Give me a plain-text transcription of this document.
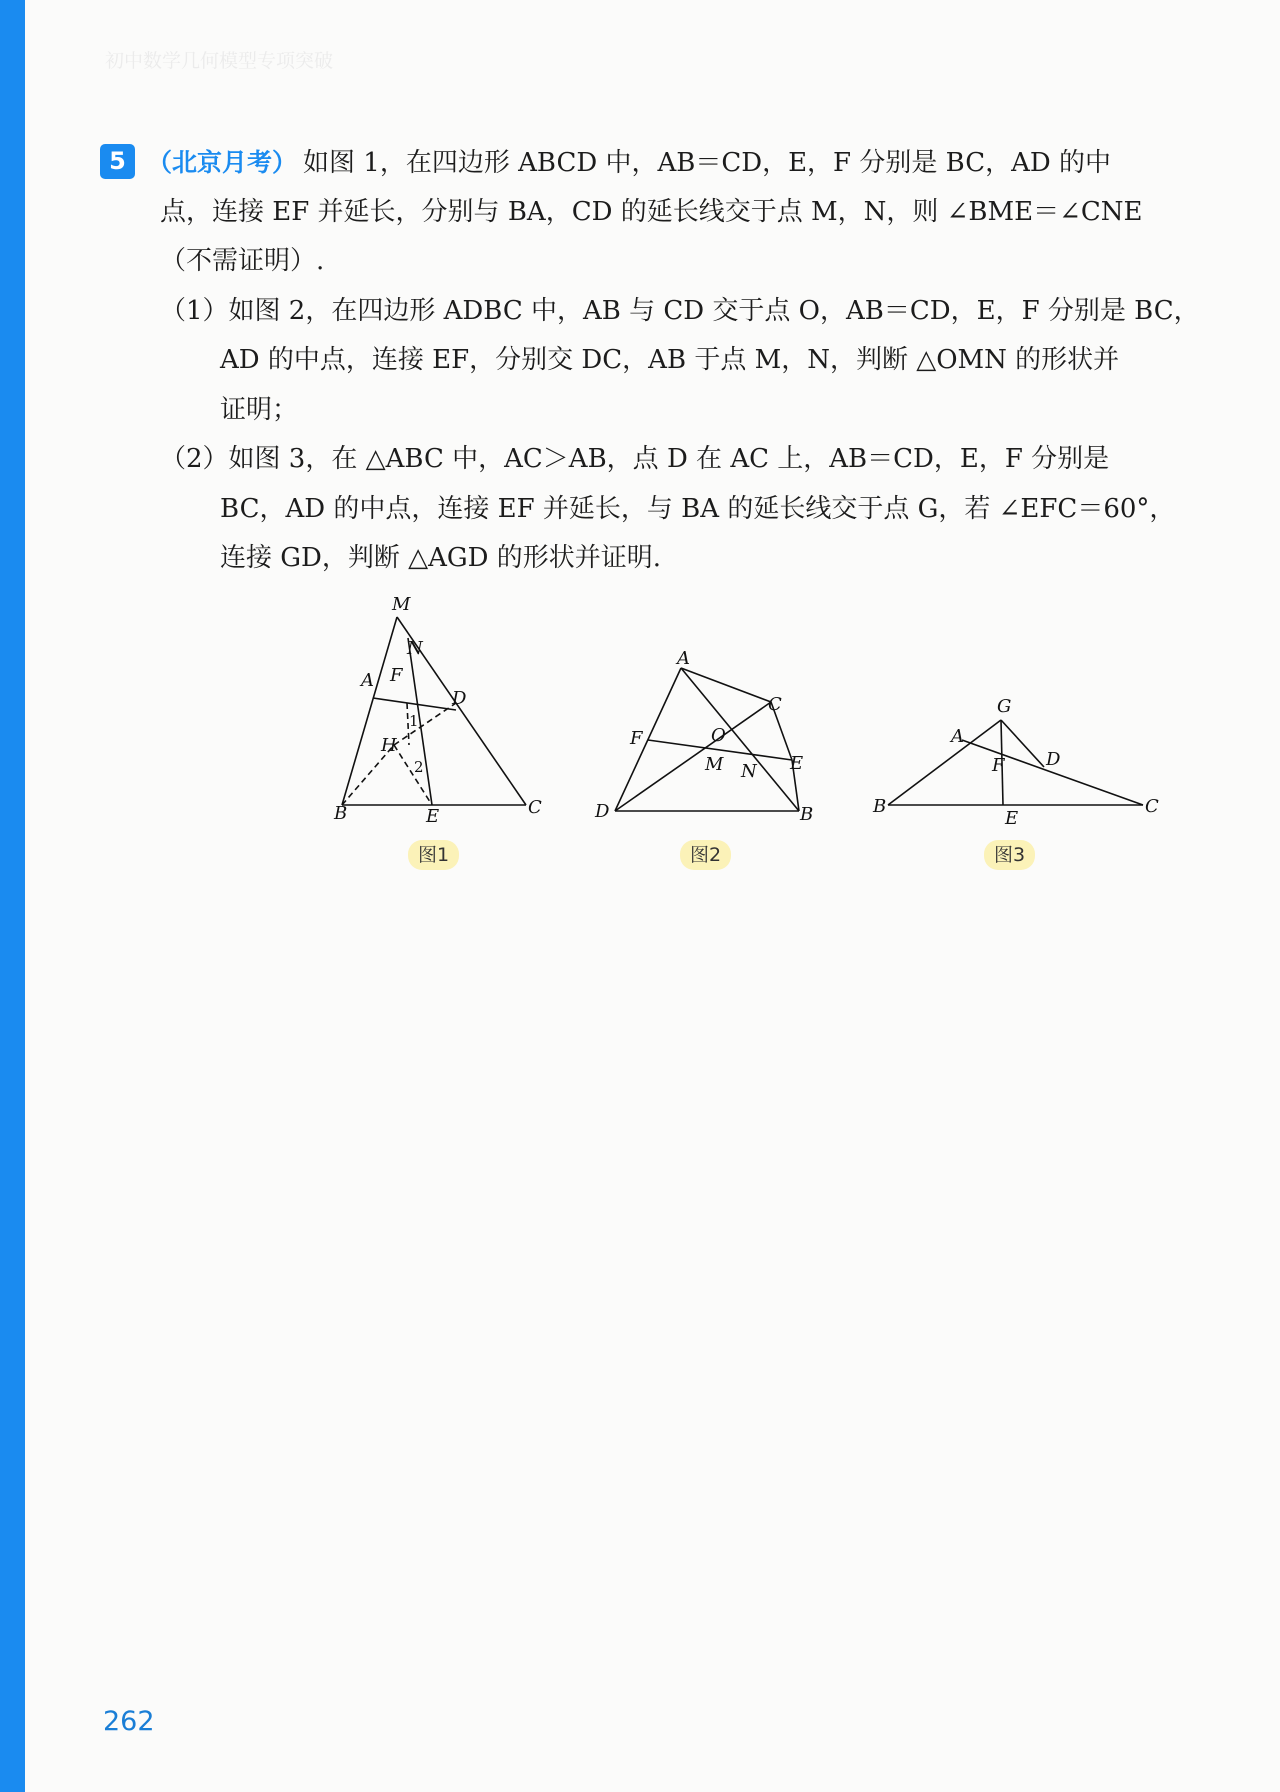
初中数学几何模型专项突破
5 （北京月考） 如图 1，在四边形 ABCD 中，AB＝CD，E，F 分别是 BC，AD 的中
点，连接 EF 并延长，分别与 BA，CD 的延长线交于点 M，N，则 ∠BME＝∠CNE
（不需证明）.
（1）如图 2，在四边形 ADBC 中，AB 与 CD 交于点 O，AB＝CD，E，F 分别是 BC，
AD 的中点，连接 EF，分别交 DC，AB 于点 M，N，判断 △OMN 的形状并
证明；
（2）如图 3，在 △ABC 中，AC＞AB，点 D 在 AC 上，AB＝CD，E，F 分别是
BC，AD 的中点，连接 EF 并延长，与 BA 的延长线交于点 G，若 ∠EFC＝60°，
连接 GD，判断 △AGD 的形状并证明.
M
N
A F
D
H
1
2
B	E	C
A
C
F	O
E
M N
D	B
G
A
F D
B
E
C
图1	图2	图3
262
